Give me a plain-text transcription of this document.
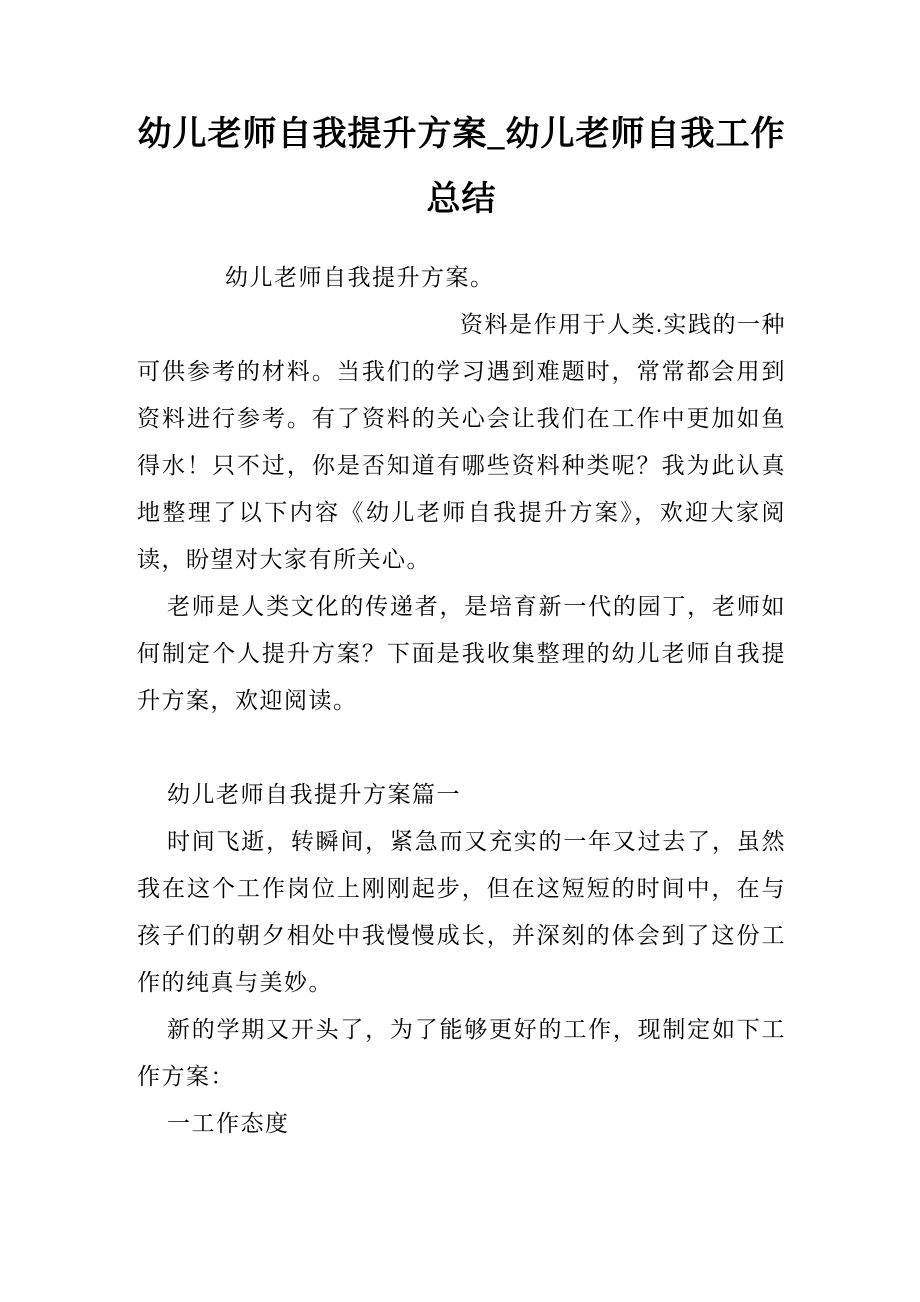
幼儿老师自我提升方案_幼儿老师自我工作总结

幼儿老师自我提升方案。

资料是作用于人类.实践的一种可供参考的材料。当我们的学习遇到难题时，常常都会用到资料进行参考。有了资料的关心会让我们在工作中更加如鱼得水！只不过，你是否知道有哪些资料种类呢？我为此认真地整理了以下内容《幼儿老师自我提升方案》，欢迎大家阅读，盼望对大家有所关心。

老师是人类文化的传递者，是培育新一代的园丁，老师如何制定个人提升方案？下面是我收集整理的幼儿老师自我提升方案，欢迎阅读。

幼儿老师自我提升方案篇一

时间飞逝，转瞬间，紧急而又充实的一年又过去了，虽然我在这个工作岗位上刚刚起步，但在这短短的时间中，在与孩子们的朝夕相处中我慢慢成长，并深刻的体会到了这份工作的纯真与美妙。

新的学期又开头了，为了能够更好的工作，现制定如下工作方案：

一工作态度
